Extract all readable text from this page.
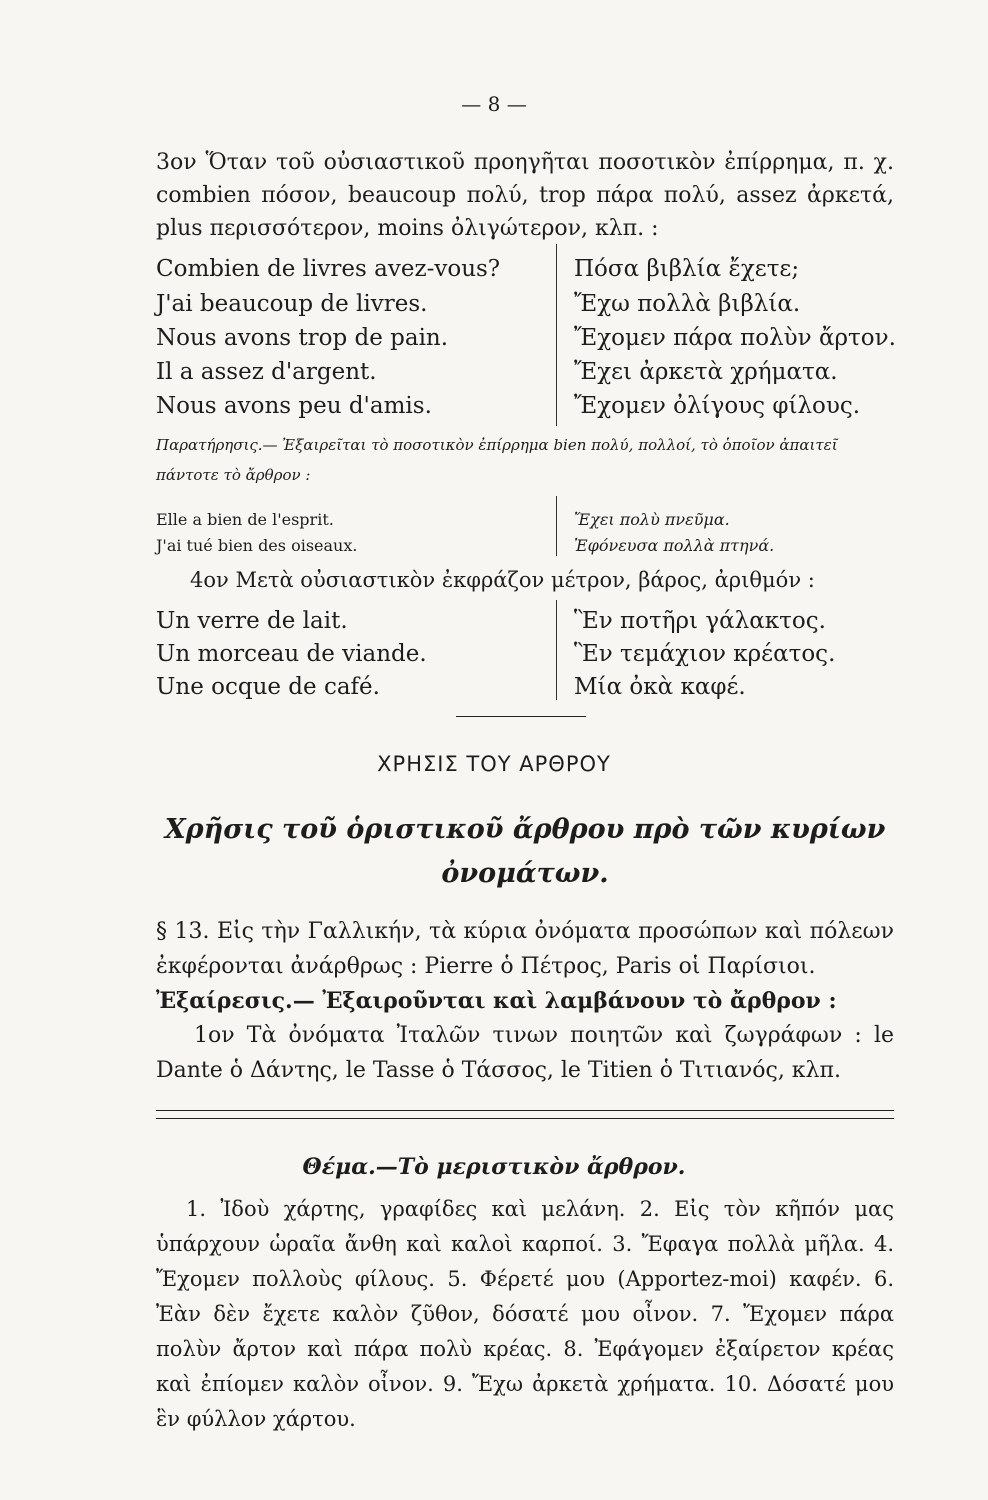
— 8 —
3ον Ὅταν τοῦ οὐσιαστικοῦ προηγῆται ποσοτικὸν ἐπίρρημα, π. χ. combien πόσον, beaucoup πολύ, trop πάρα πολύ, assez ἀρκετά, plus περισσότερον, moins ὀλιγώτερον, κλπ. :
Combien de livres avez-vous?	Πόσα βιβλία ἔχετε;
J'ai beaucoup de livres.	Ἔχω πολλὰ βιβλία.
Nous avons trop de pain.	Ἔχομεν πάρα πολὺν ἄρτον.
Il a assez d'argent.	Ἔχει ἀρκετὰ χρήματα.
Nous avons peu d'amis.	Ἔχομεν ὀλίγους φίλους.
Παρατήρησις.— Ἐξαιρεῖται τὸ ποσοτικὸν ἐπίρρημα bien πολύ, πολλοί, τὸ ὁποῖον ἀπαιτεῖ πάντοτε τὸ ἄρθρον :
Elle a bien de l'esprit.	Ἔχει πολὺ πνεῦμα.
J'ai tué bien des oiseaux.	Ἐφόνευσα πολλὰ πτηνά.
4ον Μετὰ οὐσιαστικὸν ἐκφράζον μέτρον, βάρος, ἀριθμόν :
Un verre de lait.	Ἓν ποτῆρι γάλακτος.
Un morceau de viande.	Ἓν τεμάχιον κρέατος.
Une ocque de café.	Μία ὀκὰ καφέ.
ΧΡΗΣΙΣ ΤΟΥ ΑΡΘΡΟΥ
Χρῆσις τοῦ ὁριστικοῦ ἄρθρου πρὸ τῶν κυρίων ὀνομάτων.
§ 13. Εἰς τὴν Γαλλικήν, τὰ κύρια ὀνόματα προσώπων καὶ πόλεων ἐκφέρονται ἀνάρθρως : Pierre ὁ Πέτρος, Paris οἱ Παρίσιοι.
Ἐξαίρεσις.— Ἐξαιροῦνται καὶ λαμβάνουν τὸ ἄρθρον :
1ον Τὰ ὀνόματα Ἰταλῶν τινων ποιητῶν καὶ ζωγράφων : le Dante ὁ Δάντης, le Tasse ὁ Τάσσος, le Titien ὁ Τιτιανός, κλπ.
Θέμα.—Τὸ μεριστικὸν ἄρθρον.
1. Ἰδοὺ χάρτης, γραφίδες καὶ μελάνη. 2. Εἰς τὸν κῆπόν μας ὑπάρχουν ὡραῖα ἄνθη καὶ καλοὶ καρποί. 3. Ἔφαγα πολλὰ μῆλα. 4. Ἔχομεν πολλοὺς φίλους. 5. Φέρετέ μου (Apportez-moi) καφέν. 6. Ἐὰν δὲν ἔχετε καλὸν ζῦθον, δόσατέ μου οἶνον. 7. Ἔχομεν πάρα πολὺν ἄρτον καὶ πάρα πολὺ κρέας. 8. Ἐφάγομεν ἐξαίρετον κρέας καὶ ἐπίομεν καλὸν οἶνον. 9. Ἔχω ἀρκετὰ χρήματα. 10. Δόσατέ μου ἓν φύλλον χάρτου.
